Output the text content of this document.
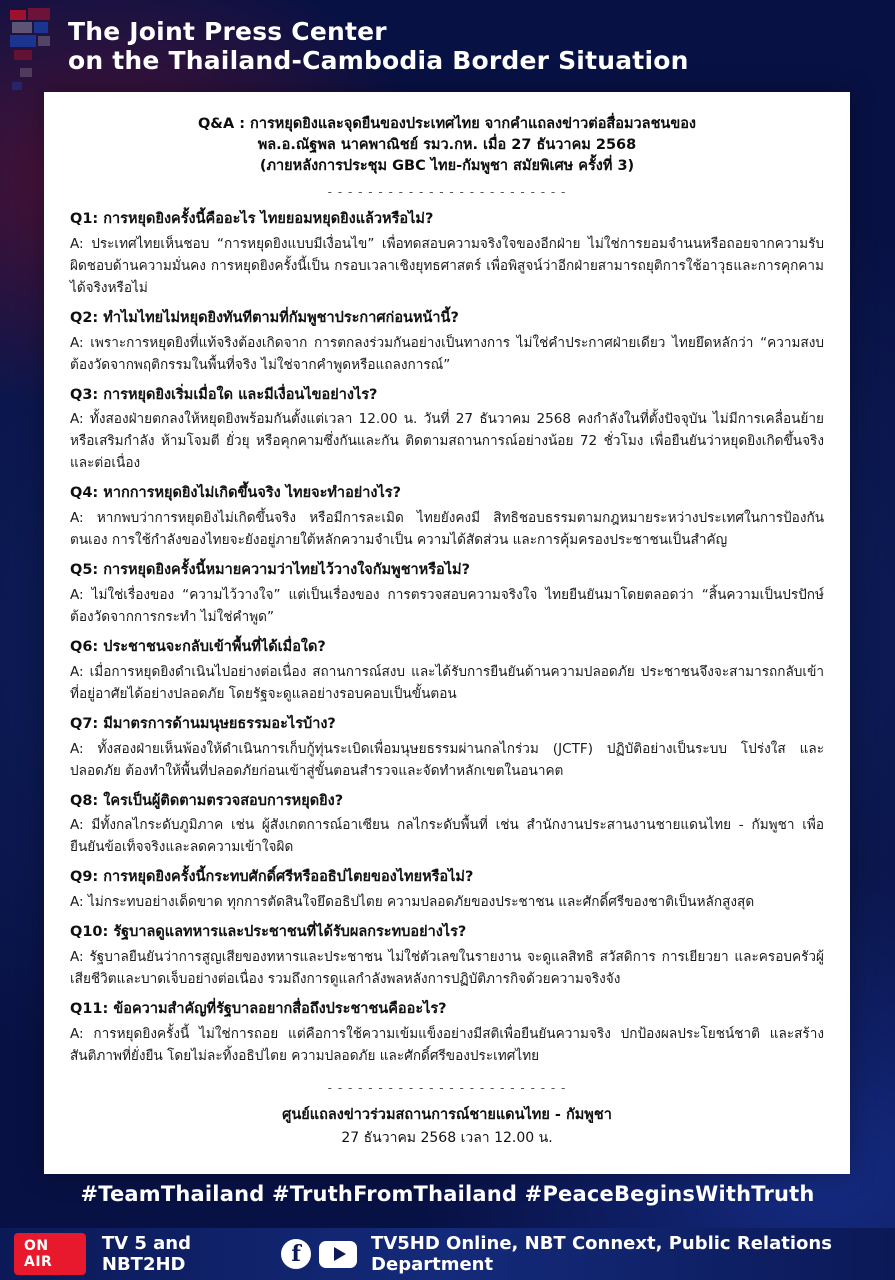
The Joint Press Center
on the Thailand-Cambodia Border Situation
Q&A : การหยุดยิงและจุดยืนของประเทศไทย จากคำแถลงข่าวต่อสื่อมวลชนของ
พล.อ.ณัฐพล นาคพาณิชย์ รมว.กห. เมื่อ 27 ธันวาคม 2568
(ภายหลังการประชุม GBC ไทย-กัมพูชา สมัยพิเศษ ครั้งที่ 3)
- - - - - - - - - - - - - - - - - - - - - - - -
Q1: การหยุดยิงครั้งนี้คืออะไร ไทยยอมหยุดยิงแล้วหรือไม่?
A: ประเทศไทยเห็นชอบ “การหยุดยิงแบบมีเงื่อนไข” เพื่อทดสอบความจริงใจของอีกฝ่าย ไม่ใช่การยอมจำนนหรือถอยจากความรับผิดชอบด้านความมั่นคง การหยุดยิงครั้งนี้เป็น กรอบเวลาเชิงยุทธศาสตร์ เพื่อพิสูจน์ว่าอีกฝ่ายสามารถยุติการใช้อาวุธและการคุกคามได้จริงหรือไม่
Q2: ทำไมไทยไม่หยุดยิงทันทีตามที่กัมพูชาประกาศก่อนหน้านี้?
A: เพราะการหยุดยิงที่แท้จริงต้องเกิดจาก การตกลงร่วมกันอย่างเป็นทางการ ไม่ใช่คำประกาศฝ่ายเดียว ไทยยึดหลักว่า “ความสงบต้องวัดจากพฤติกรรมในพื้นที่จริง ไม่ใช่จากคำพูดหรือแถลงการณ์”
Q3: การหยุดยิงเริ่มเมื่อใด และมีเงื่อนไขอย่างไร?
A: ทั้งสองฝ่ายตกลงให้หยุดยิงพร้อมกันตั้งแต่เวลา 12.00 น. วันที่ 27 ธันวาคม 2568 คงกำลังในที่ตั้งปัจจุบัน ไม่มีการเคลื่อนย้ายหรือเสริมกำลัง ห้ามโจมตี ยั่วยุ หรือคุกคามซึ่งกันและกัน ติดตามสถานการณ์อย่างน้อย 72 ชั่วโมง เพื่อยืนยันว่าหยุดยิงเกิดขึ้นจริงและต่อเนื่อง
Q4: หากการหยุดยิงไม่เกิดขึ้นจริง ไทยจะทำอย่างไร?
A: หากพบว่าการหยุดยิงไม่เกิดขึ้นจริง หรือมีการละเมิด ไทยยังคงมี สิทธิชอบธรรมตามกฎหมายระหว่างประเทศในการป้องกันตนเอง การใช้กำลังของไทยจะยังอยู่ภายใต้หลักความจำเป็น ความได้สัดส่วน และการคุ้มครองประชาชนเป็นสำคัญ
Q5: การหยุดยิงครั้งนี้หมายความว่าไทยไว้วางใจกัมพูชาหรือไม่?
A: ไม่ใช่เรื่องของ “ความไว้วางใจ” แต่เป็นเรื่องของ การตรวจสอบความจริงใจ ไทยยืนยันมาโดยตลอดว่า “สิ้นความเป็นปรปักษ์ ต้องวัดจากการกระทำ ไม่ใช่คำพูด”
Q6: ประชาชนจะกลับเข้าพื้นที่ได้เมื่อใด?
A: เมื่อการหยุดยิงดำเนินไปอย่างต่อเนื่อง สถานการณ์สงบ และได้รับการยืนยันด้านความปลอดภัย ประชาชนจึงจะสามารถกลับเข้าที่อยู่อาศัยได้อย่างปลอดภัย โดยรัฐจะดูแลอย่างรอบคอบเป็นขั้นตอน
Q7: มีมาตรการด้านมนุษยธรรมอะไรบ้าง?
A: ทั้งสองฝ่ายเห็นพ้องให้ดำเนินการเก็บกู้ทุ่นระเบิดเพื่อมนุษยธรรมผ่านกลไกร่วม (JCTF) ปฏิบัติอย่างเป็นระบบ โปร่งใส และปลอดภัย ต้องทำให้พื้นที่ปลอดภัยก่อนเข้าสู่ขั้นตอนสำรวจและจัดทำหลักเขตในอนาคต
Q8: ใครเป็นผู้ติดตามตรวจสอบการหยุดยิง?
A: มีทั้งกลไกระดับภูมิภาค เช่น ผู้สังเกตการณ์อาเซียน กลไกระดับพื้นที่ เช่น สำนักงานประสานงานชายแดนไทย - กัมพูชา เพื่อยืนยันข้อเท็จจริงและลดความเข้าใจผิด
Q9: การหยุดยิงครั้งนี้กระทบศักดิ์ศรีหรืออธิปไตยของไทยหรือไม่?
A: ไม่กระทบอย่างเด็ดขาด ทุกการตัดสินใจยึดอธิปไตย ความปลอดภัยของประชาชน และศักดิ์ศรีของชาติเป็นหลักสูงสุด
Q10: รัฐบาลดูแลทหารและประชาชนที่ได้รับผลกระทบอย่างไร?
A: รัฐบาลยืนยันว่าการสูญเสียของทหารและประชาชน ไม่ใช่ตัวเลขในรายงาน จะดูแลสิทธิ สวัสดิการ การเยียวยา และครอบครัวผู้เสียชีวิตและบาดเจ็บอย่างต่อเนื่อง รวมถึงการดูแลกำลังพลหลังการปฏิบัติภารกิจด้วยความจริงจัง
Q11: ข้อความสำคัญที่รัฐบาลอยากสื่อถึงประชาชนคืออะไร?
A: การหยุดยิงครั้งนี้ ไม่ใช่การถอย แต่คือการใช้ความเข้มแข็งอย่างมีสติเพื่อยืนยันความจริง ปกป้องผลประโยชน์ชาติ และสร้างสันติภาพที่ยั่งยืน โดยไม่ละทิ้งอธิปไตย ความปลอดภัย และศักดิ์ศรีของประเทศไทย
- - - - - - - - - - - - - - - - - - - - - - - -
ศูนย์แถลงข่าวร่วมสถานการณ์ชายแดนไทย - กัมพูชา
27 ธันวาคม 2568 เวลา 12.00 น.
#TeamThailand #TruthFromThailand #PeaceBeginsWithTruth
ON AIR
TV 5 and NBT2HD	f	TV5HD Online, NBT Connext, Public Relations Department
